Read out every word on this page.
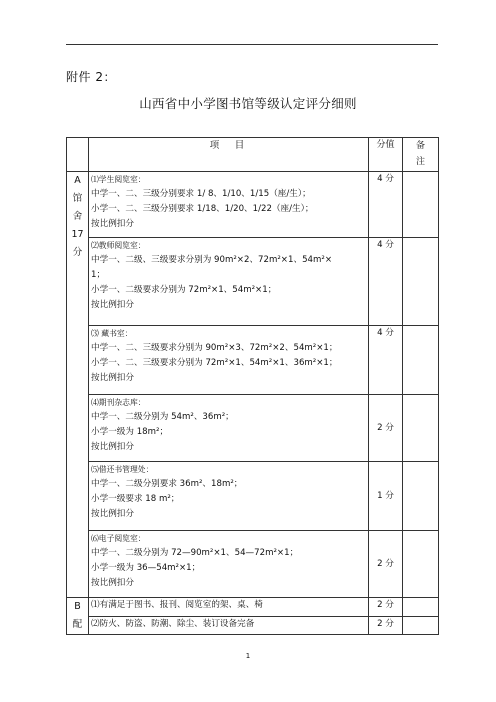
附件 2：
山西省中小学图书馆等级认定评分细则
	项　目	分值	备
注

A
馆
舍
17
分	⑴学生阅览室：
中学一、二、三级分别要求 1/ 8、1/10、1/15（座/生）；
小学一、二、三级分别要求 1/18、1/20、1/22（座/生）；
按比例扣分	4 分	

	⑵教师阅览室：
中学一、二级、三级要求分别为 90m²×2、72m²×1、54m²×
1；
小学一、二级要求分别为 72m²×1、54m²×1；
按比例扣分	4 分	

	⑶ 藏书室：
中学一、二、三级要求分别为 90m²×3、72m²×2、54m²×1；
小学一、二、三级要求分别为 72m²×1、54m²×1、36m²×1；
按比例扣分	4 分	

	⑷期刊杂志库：
中学一、二级分别为 54m²、36m²；
小学一级为 18m²；
按比例扣分	2 分	

	⑸借还书管理处：
中学一、二级分别要求 36m²、18m²；
小学一级要求 18 m²；
按比例扣分	1 分	

	⑹电子阅览室：
中学一、二级分别为 72—90m²×1、54—72m²×1；
小学一级为 36—54m²×1；
按比例扣分	2 分	

B
配	⑴有满足于图书、报刊、阅览室的架、桌、椅	2 分	
	⑵防火、防盗、防潮、除尘、装订设备完备	2 分	
1
